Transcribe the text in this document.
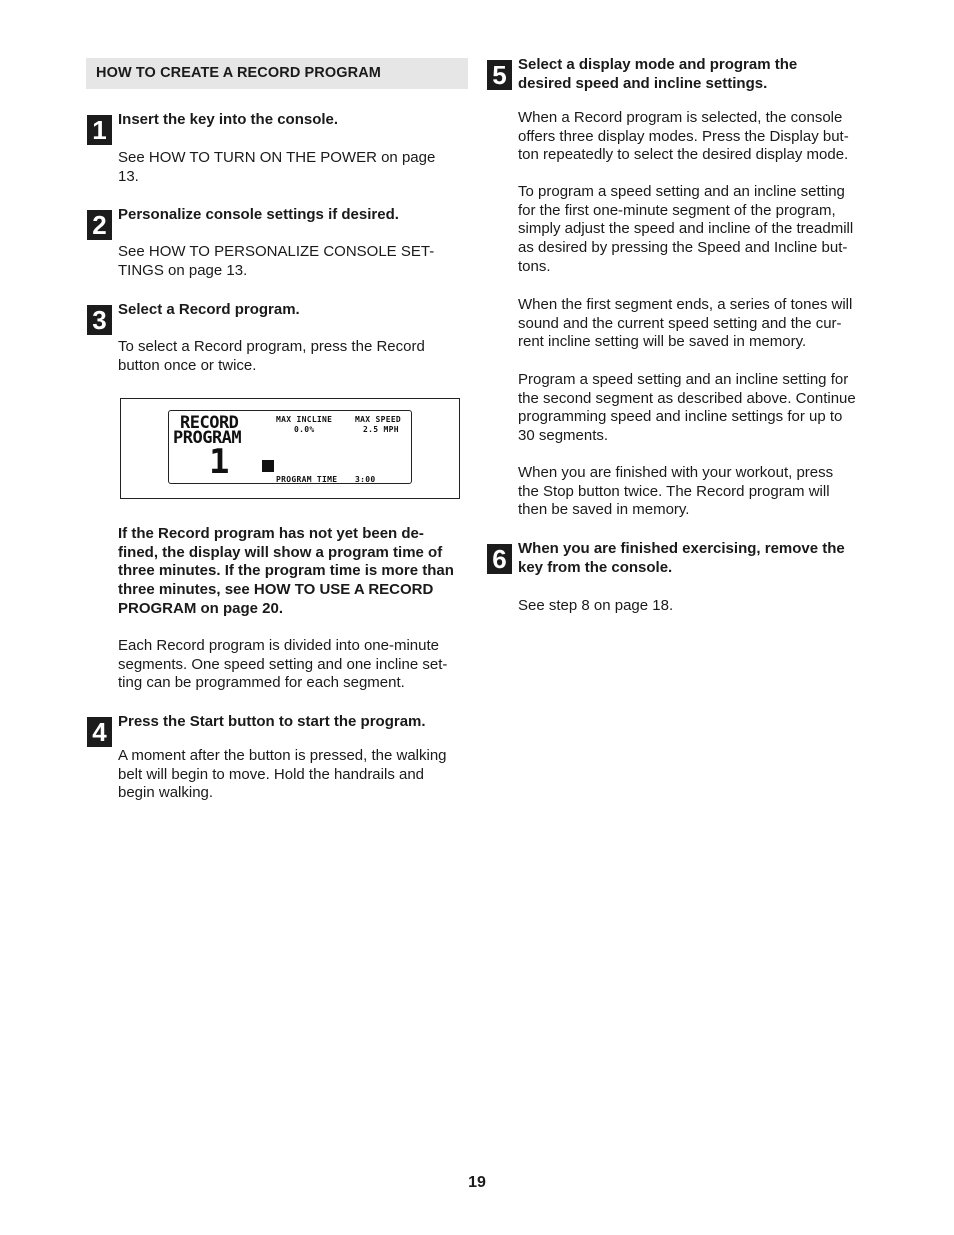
HOW TO CREATE A RECORD PROGRAM
1 Insert the key into the console.
See HOW TO TURN ON THE POWER on page
13.
2 Personalize console settings if desired.
See HOW TO PERSONALIZE CONSOLE SET-
TINGS on page 13.
3 Select a Record program.
To select a Record program, press the Record
button once or twice.
RECORD
PROGRAM
MAX INCLINE
0.0%
MAX SPEED
2.5 MPH
1	PROGRAM TIME 3:00
If the Record program has not yet been de-
fined, the display will show a program time of
three minutes. If the program time is more than
three minutes, see HOW TO USE A RECORD
PROGRAM on page 20.
Each Record program is divided into one-minute
segments. One speed setting and one incline set-
ting can be programmed for each segment.
4 Press the Start button to start the program.
A moment after the button is pressed, the walking
belt will begin to move. Hold the handrails and
begin walking.
5 Select a display mode and program the
desired speed and incline settings.
When a Record program is selected, the console
offers three display modes. Press the Display but-
ton repeatedly to select the desired display mode.
To program a speed setting and an incline setting
for the first one-minute segment of the program,
simply adjust the speed and incline of the treadmill
as desired by pressing the Speed and Incline but-
tons.
When the first segment ends, a series of tones will
sound and the current speed setting and the cur-
rent incline setting will be saved in memory.
Program a speed setting and an incline setting for
the second segment as described above. Continue
programming speed and incline settings for up to
30 segments.
When you are finished with your workout, press
the Stop button twice. The Record program will
then be saved in memory.
6 When you are finished exercising, remove the
key from the console.
See step 8 on page 18.
19
